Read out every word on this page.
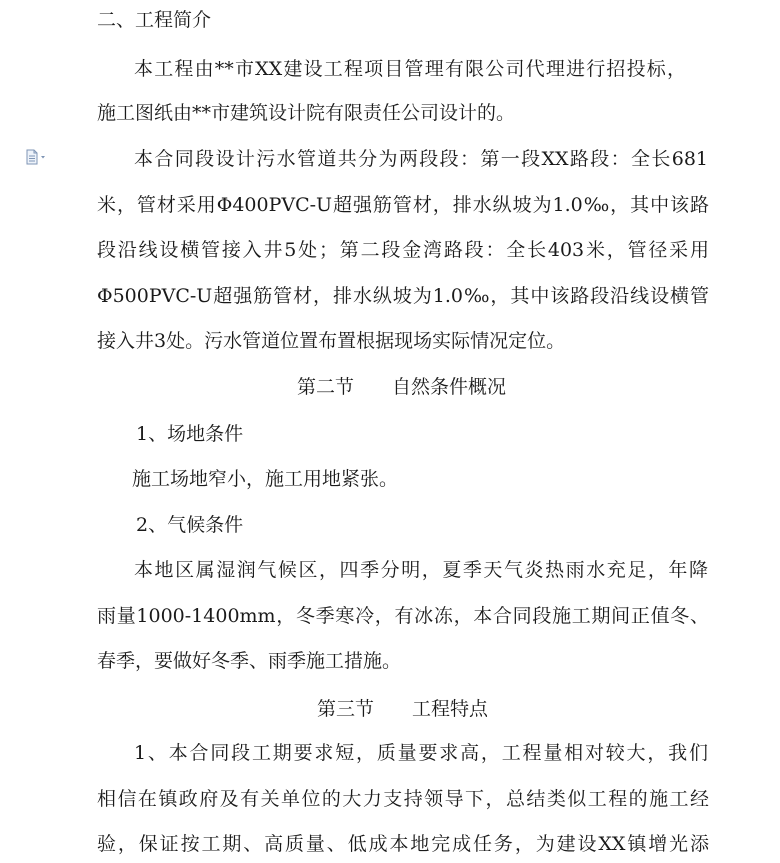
二、工程简介
本工程由**市XX建设工程项目管理有限公司代理进行招投标，
施工图纸由**市建筑设计院有限责任公司设计的。
本合同段设计污水管道共分为两段段：第一段XX路段：全长681
米，管材采用Φ400PVC-U超强筋管材，排水纵坡为1.0‰，其中该路
段沿线设横管接入井5处；第二段金湾路段：全长403米，管径采用
Φ500PVC-U超强筋管材，排水纵坡为1.0‰，其中该路段沿线设横管
接入井3处。污水管道位置布置根据现场实际情况定位。
第二节　　自然条件概况
1、场地条件
施工场地窄小，施工用地紧张。
2、气候条件
本地区属湿润气候区，四季分明，夏季天气炎热雨水充足，年降
雨量1000-1400mm，冬季寒冷，有冰冻，本合同段施工期间正值冬、
春季，要做好冬季、雨季施工措施。
第三节　　工程特点
1、本合同段工期要求短，质量要求高，工程量相对较大，我们
相信在镇政府及有关单位的大力支持领导下，总结类似工程的施工经
验，保证按工期、高质量、低成本地完成任务，为建设XX镇增光添
